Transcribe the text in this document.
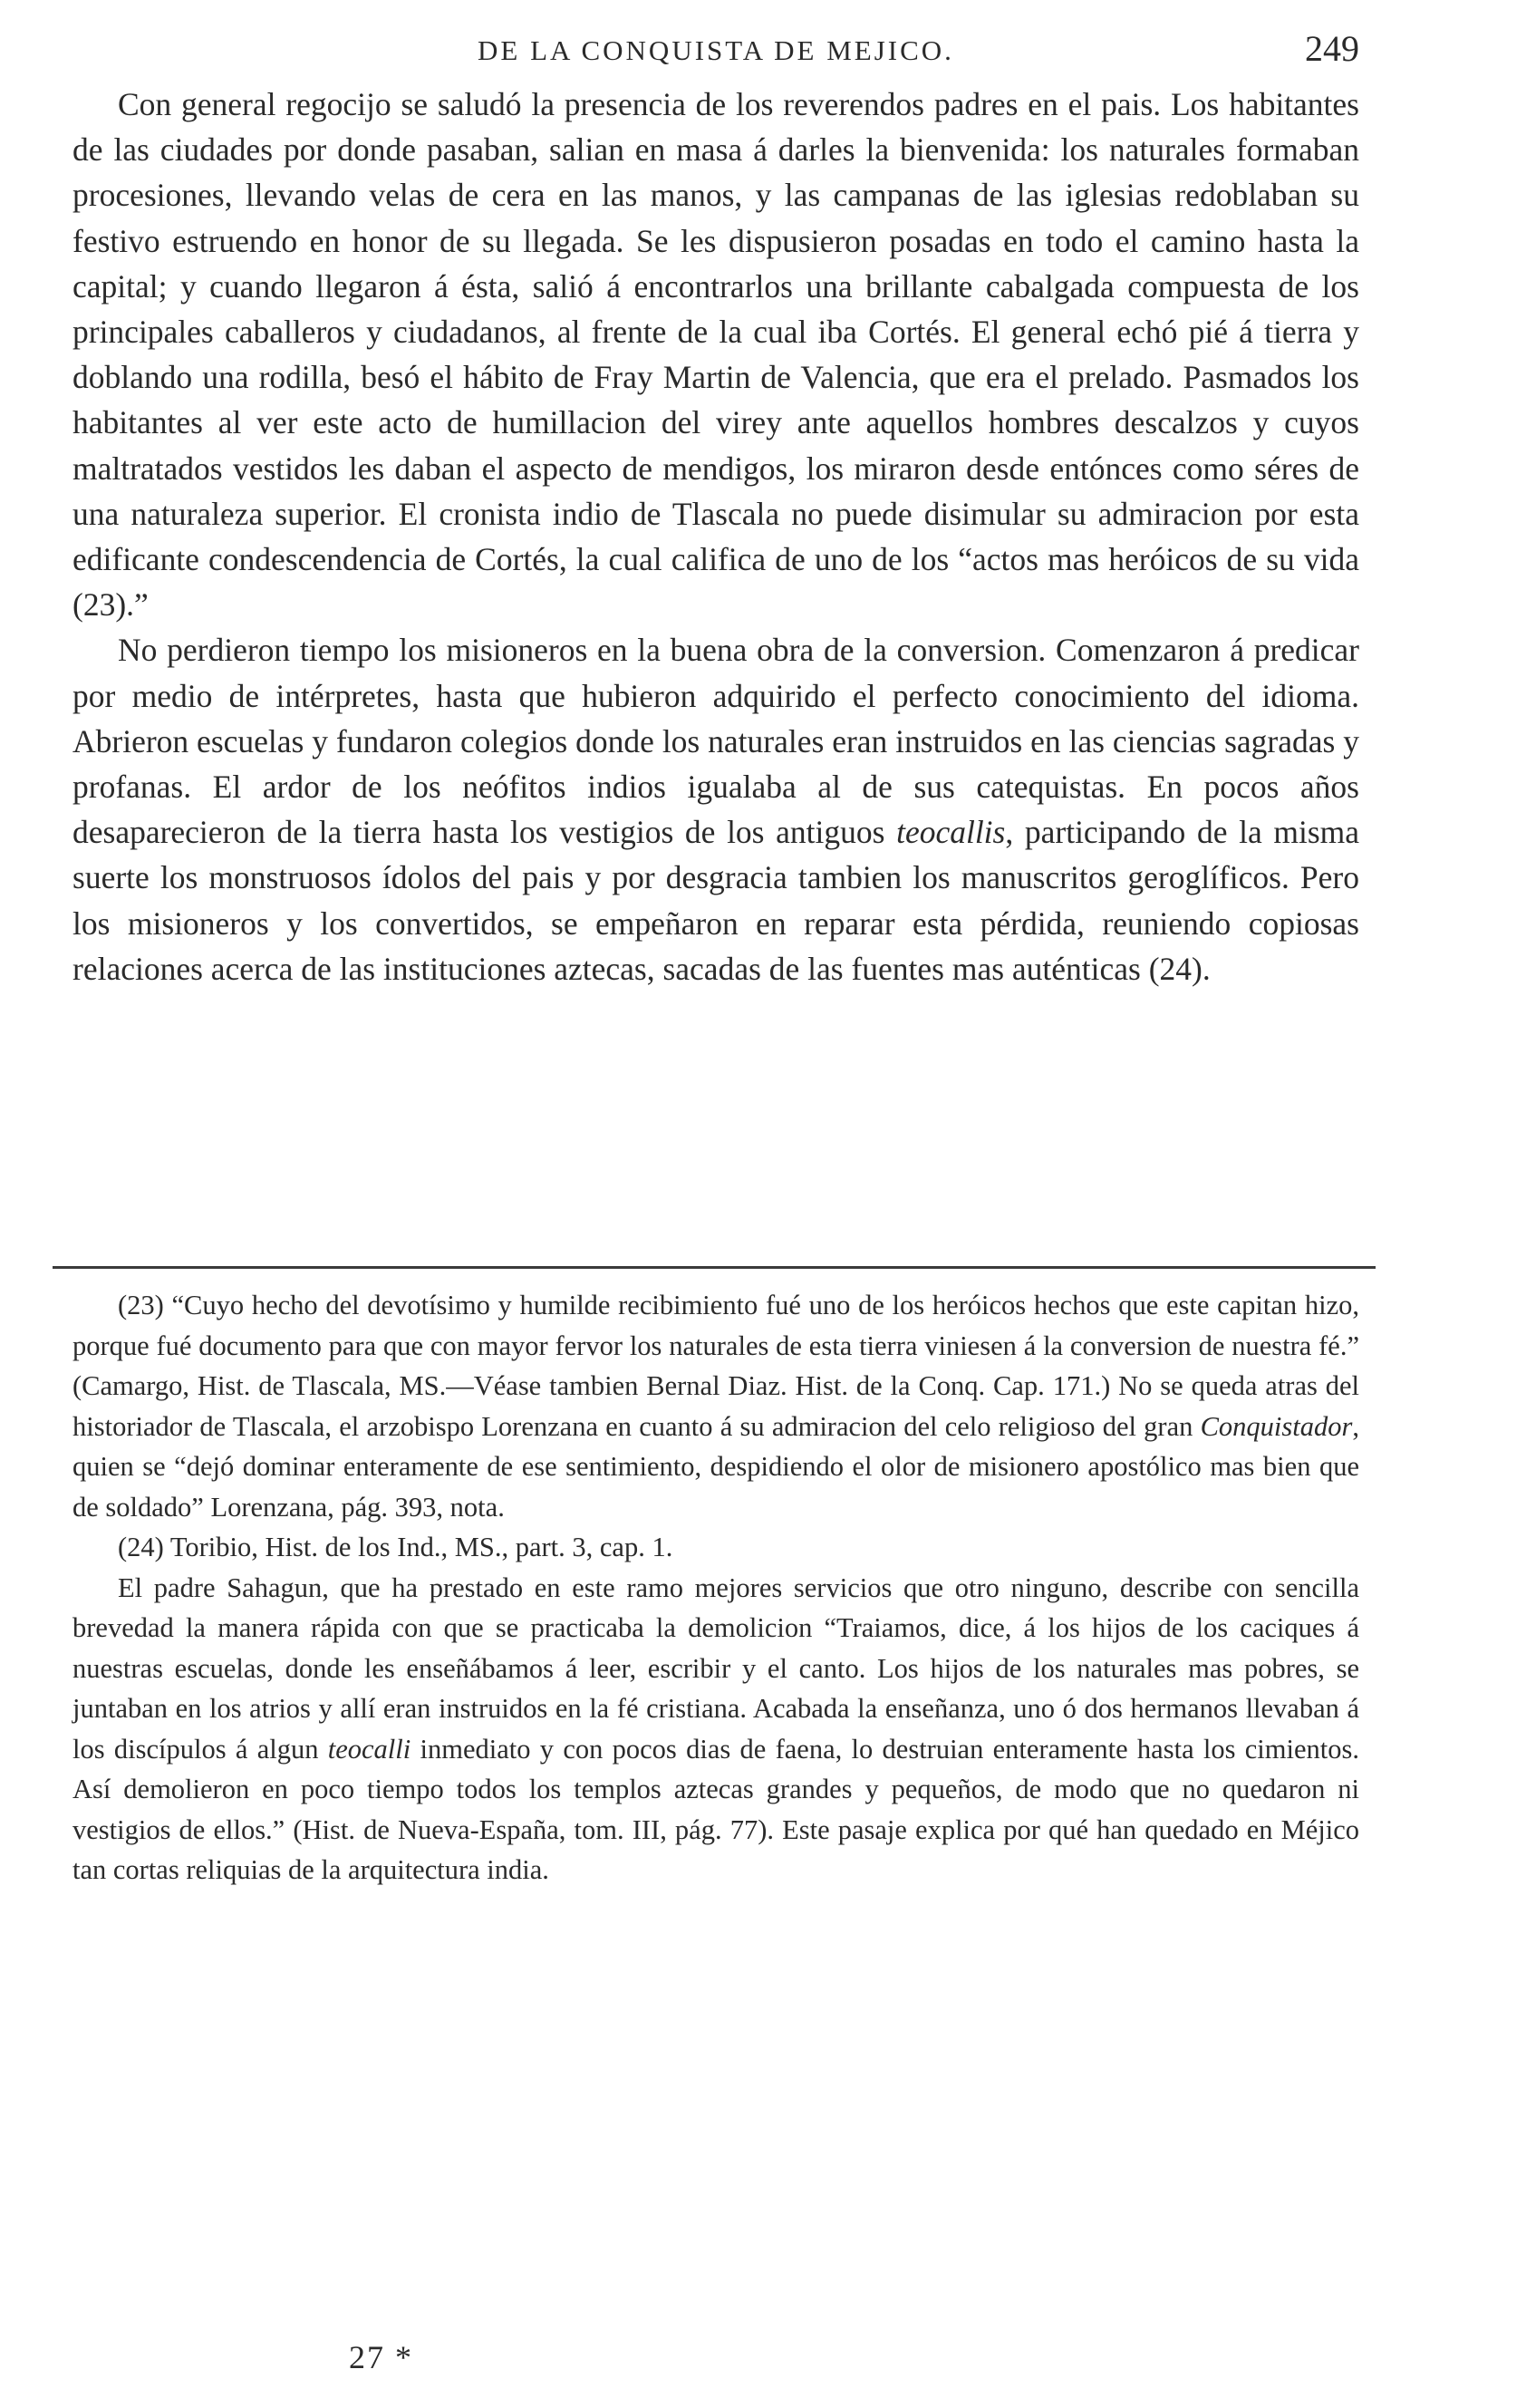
DE LA CONQUISTA DE MEJICO.	249

Con general regocijo se saludó la presencia de los reverendos padres en el pais. Los habitantes de las ciudades por donde pasaban, salian en masa á darles la bienvenida: los naturales formaban procesiones, llevando velas de cera en las manos, y las campanas de las iglesias redoblaban su festivo estruendo en honor de su llegada. Se les dispusieron posadas en todo el camino hasta la capital; y cuando llegaron á ésta, salió á encontrarlos una brillante cabalgada compuesta de los principales caballeros y ciudadanos, al frente de la cual iba Cortés. El general echó pié á tierra y doblando una rodilla, besó el hábito de Fray Martin de Valencia, que era el prelado. Pasmados los habitantes al ver este acto de humillacion del virey ante aquellos hombres descalzos y cuyos maltratados vestidos les daban el aspecto de mendigos, los miraron desde entónces como séres de una naturaleza superior. El cronista indio de Tlascala no puede disimular su admiracion por esta edificante condescendencia de Cortés, la cual califica de uno de los “actos mas heróicos de su vida (23).”

No perdieron tiempo los misioneros en la buena obra de la conversion. Comenzaron á predicar por medio de intérpretes, hasta que hubieron adquirido el perfecto conocimiento del idioma. Abrieron escuelas y fundaron colegios donde los naturales eran instruidos en las ciencias sagradas y profanas. El ardor de los neófitos indios igualaba al de sus catequistas. En pocos años desaparecieron de la tierra hasta los vestigios de los antiguos teocallis, participando de la misma suerte los monstruosos ídolos del pais y por desgracia tambien los manuscritos geroglíficos. Pero los misioneros y los convertidos, se empeñaron en reparar esta pérdida, reuniendo copiosas relaciones acerca de las instituciones aztecas, sacadas de las fuentes mas auténticas (24).

(23) “Cuyo hecho del devotísimo y humilde recibimiento fué uno de los heróicos hechos que este capitan hizo, porque fué documento para que con mayor fervor los naturales de esta tierra viniesen á la conversion de nuestra fé.” (Camargo, Hist. de Tlascala, MS.—Véase tambien Bernal Diaz. Hist. de la Conq. Cap. 171.) No se queda atras del historiador de Tlascala, el arzobispo Lorenzana en cuanto á su admiracion del celo religioso del gran Conquistador, quien se “dejó dominar enteramente de ese sentimiento, despidiendo el olor de misionero apostólico mas bien que de soldado” Lorenzana, pág. 393, nota.

(24) Toribio, Hist. de los Ind., MS., part. 3, cap. 1.

El padre Sahagun, que ha prestado en este ramo mejores servicios que otro ninguno, describe con sencilla brevedad la manera rápida con que se practicaba la demolicion “Traiamos, dice, á los hijos de los caciques á nuestras escuelas, donde les enseñábamos á leer, escribir y el canto. Los hijos de los naturales mas pobres, se juntaban en los atrios y allí eran instruidos en la fé cristiana. Acabada la enseñanza, uno ó dos hermanos llevaban á los discípulos á algun teocalli inmediato y con pocos dias de faena, lo destruian enteramente hasta los cimientos. Así demolieron en poco tiempo todos los templos aztecas grandes y pequeños, de modo que no quedaron ni vestigios de ellos.” (Hist. de Nueva-España, tom. III, pág. 77). Este pasaje explica por qué han quedado en Méjico tan cortas reliquias de la arquitectura india.

27 *
